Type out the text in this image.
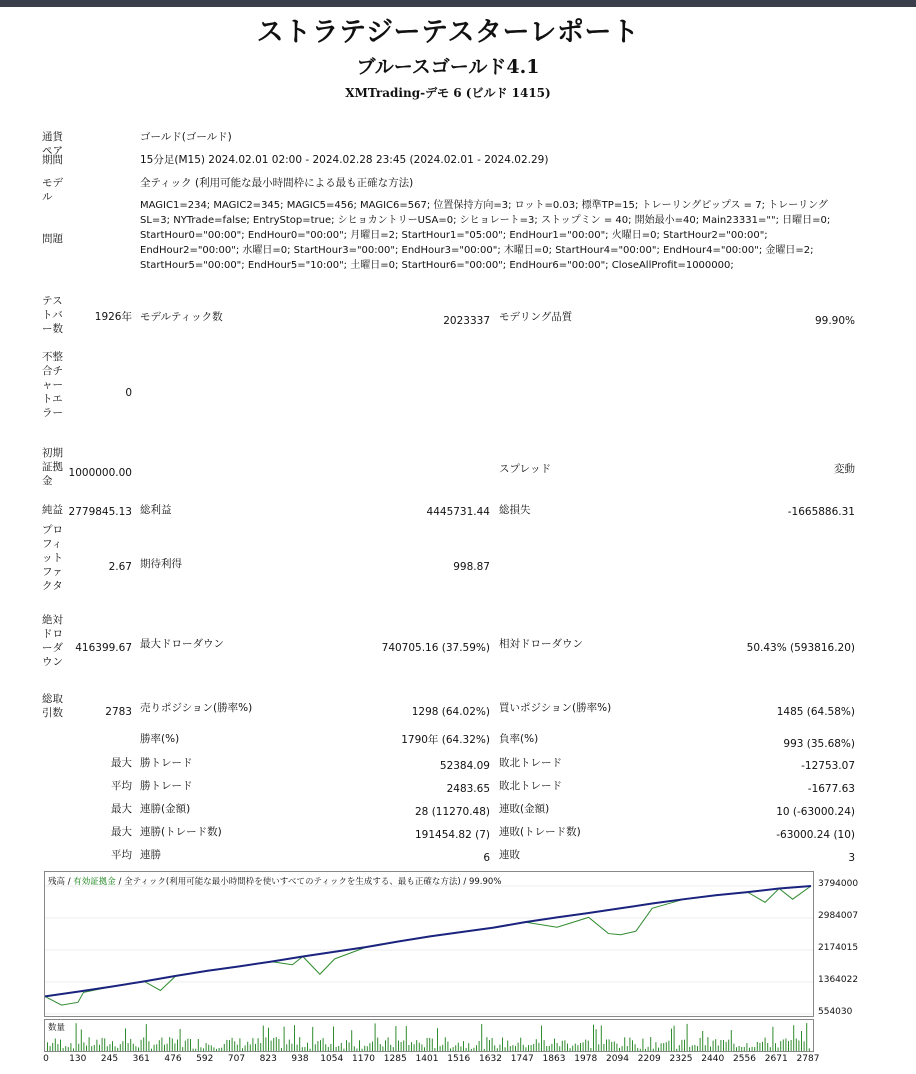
ストラテジーテスターレポート
ブルースゴールド4.1
XMTrading-デモ 6 (ビルド 1415)
通貨ペア
ゴールド(ゴールド)
期間	15分足(M15) 2024.02.01 02:00 - 2024.02.28 23:45 (2024.02.01 - 2024.02.29)
モデル
全ティック (利用可能な最小時間枠による最も正確な方法)
問題
MAGIC1=234; MAGIC2=345; MAGIC5=456; MAGIC6=567; 位置保持方向=3; ロット=0.03; 標準TP=15; トレーリングピップス = 7; トレーリングSL=3; NYTrade=false; EntryStop=true; シヒョカントリーUSA=0; シヒョレート=3; ストップミン = 40; 開始最小=40; Main23331=""; 日曜日=0; StartHour0="00:00"; EndHour0="00:00"; 月曜日=2; StartHour1="05:00"; EndHour1="00:00"; 火曜日=0; StartHour2="00:00"; EndHour2="00:00"; 水曜日=0; StartHour3="00:00"; EndHour3="00:00"; 木曜日=0; StartHour4="00:00"; EndHour4="00:00"; 金曜日=2; StartHour5="00:00"; EndHour5="10:00"; 土曜日=0; StartHour6="00:00"; EndHour6="00:00"; CloseAllProfit=1000000;
テストバー数
1926年 モデルティック数	2023337 モデリング品質	99.90%
不整合チャートエラー
0
初期証拠金
1000000.00	スプレッド	変動
純益 2779845.13 総利益	4445731.44 総損失	-1665886.31
プロフィットファクタ
2.67 期待利得	998.87
絶対ドローダウン
416399.67 最大ドローダウン	740705.16 (37.59%) 相対ドローダウン	50.43% (593816.20)
総取引数	2783 売りポジション(勝率%)	1298 (64.02%) 買いポジション(勝率%)	1485 (64.58%)
勝率(%)	1790年 (64.32%) 負率(%)	993 (35.68%)
最大 勝トレード	52384.09 敗北トレード	-12753.07
平均 勝トレード	2483.65 敗北トレード	-1677.63
最大 連勝(金額)	28 (11270.48) 連敗(金額)	10 (-63000.24)
最大 連勝(トレード数)	191454.82 (7) 連敗(トレード数)	-63000.24 (10)
平均 連勝	6 連敗	3
残高 / 有効証拠金 / 全ティック(利用可能な最小時間枠を使いすべてのティックを生成する、最も正確な方法) / 99.90%	3794000
2984007
2174015
1364022
554030
数量
0 130 245 361 476 592 707 823 938 1054 1170 1285 1401 1516 1632 1747 1863 1978 2094 2209 2325 2440 2556 2671 2787
